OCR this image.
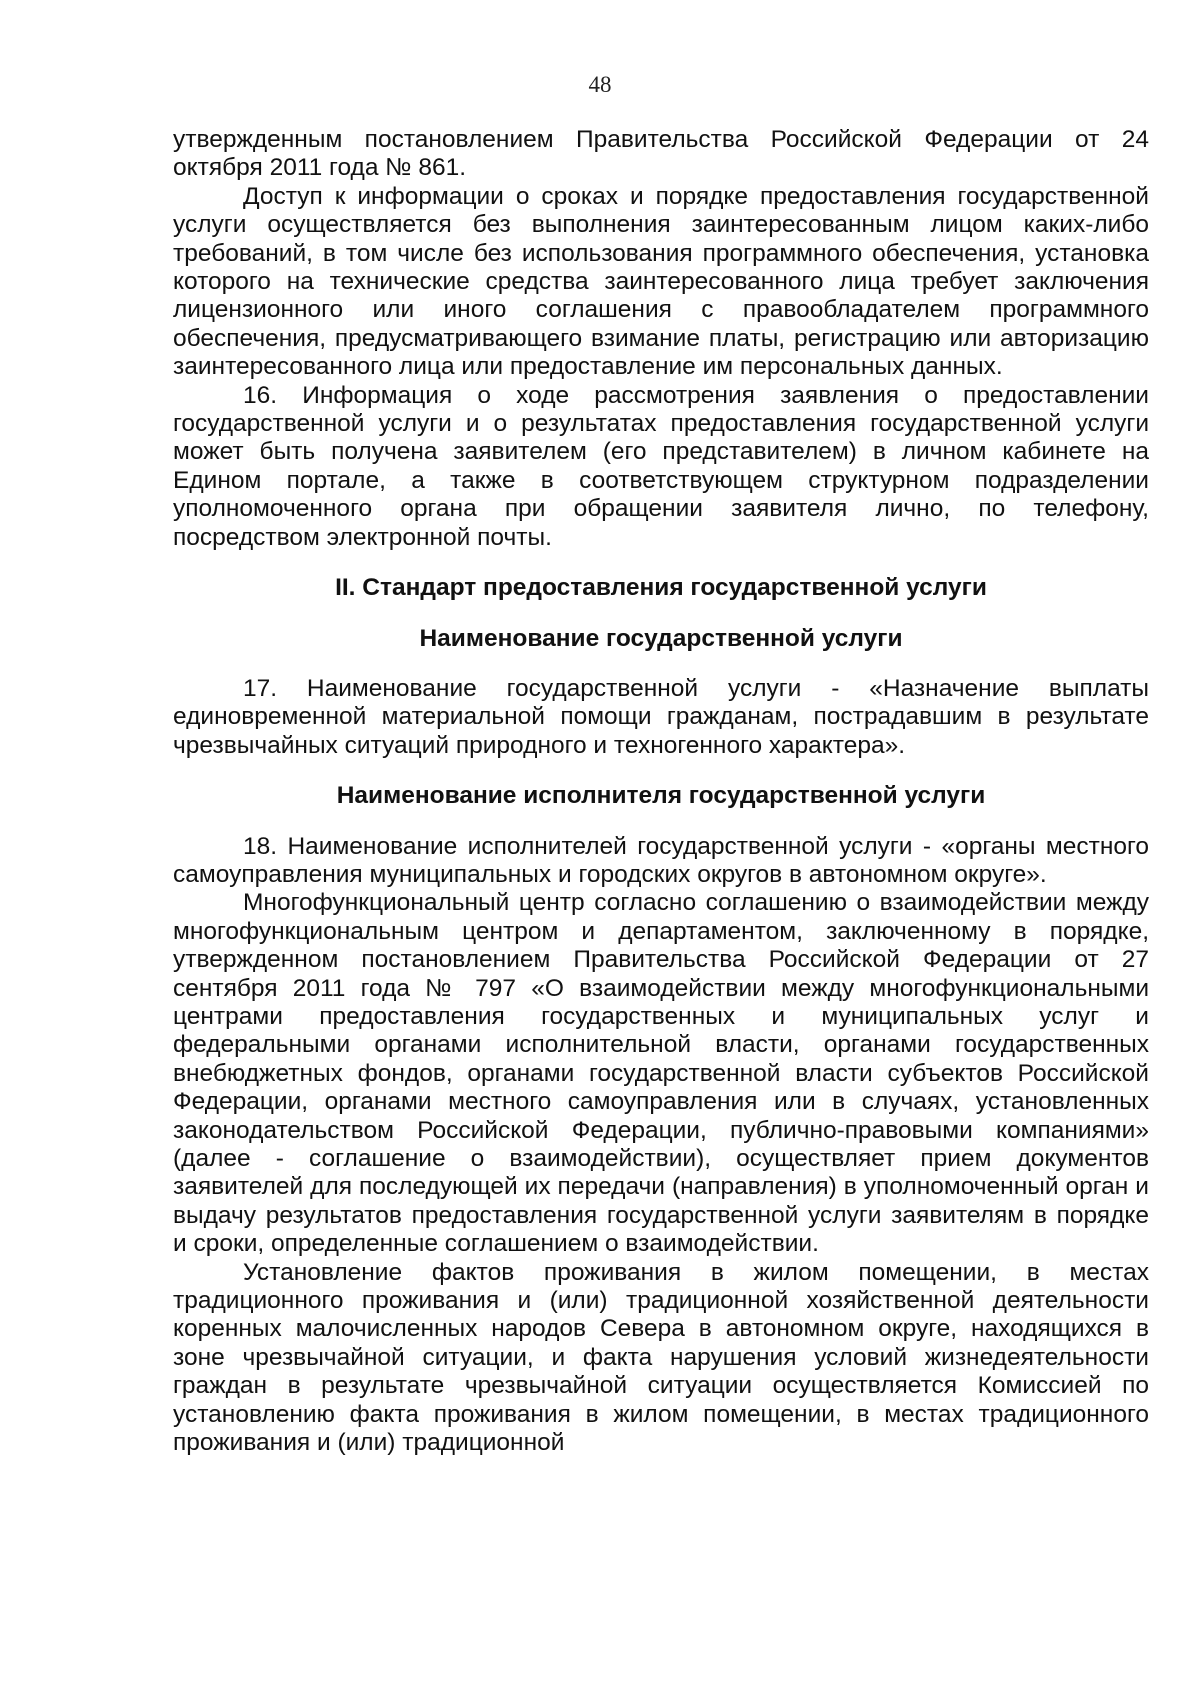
48

утвержденным постановлением Правительства Российской Федерации от 24 октября 2011 года № 861.

Доступ к информации о сроках и порядке предоставления государственной услуги осуществляется без выполнения заинтересованным лицом каких-либо требований, в том числе без использования программного обеспечения, установка которого на технические средства заинтересованного лица требует заключения лицензионного или иного соглашения с правообладателем программного обеспечения, предусматривающего взимание платы, регистрацию или авторизацию заинтересованного лица или предоставление им персональных данных.

16. Информация о ходе рассмотрения заявления о предоставлении государственной услуги и о результатах предоставления государственной услуги может быть получена заявителем (его представителем) в личном кабинете на Едином портале, а также в соответствующем структурном подразделении уполномоченного органа при обращении заявителя лично, по телефону, посредством электронной почты.

II. Стандарт предоставления государственной услуги
Наименование государственной услуги

17. Наименование государственной услуги - «Назначение выплаты единовременной материальной помощи гражданам, пострадавшим в результате чрезвычайных ситуаций природного и техногенного характера».

Наименование исполнителя государственной услуги

18. Наименование исполнителей государственной услуги - «органы местного самоуправления муниципальных и городских округов в автономном округе».

Многофункциональный центр согласно соглашению о взаимодействии между многофункциональным центром и департаментом, заключенному в порядке, утвержденном постановлением Правительства Российской Федерации от 27 сентября 2011 года № 797 «О взаимодействии между многофункциональными центрами предоставления государственных и муниципальных услуг и федеральными органами исполнительной власти, органами государственных внебюджетных фондов, органами государственной власти субъектов Российской Федерации, органами местного самоуправления или в случаях, установленных законодательством Российской Федерации, публично-правовыми компаниями» (далее - соглашение о взаимодействии), осуществляет прием документов заявителей для последующей их передачи (направления) в уполномоченный орган и выдачу результатов предоставления государственной услуги заявителям в порядке и сроки, определенные соглашением о взаимодействии.

Установление фактов проживания в жилом помещении, в местах традиционного проживания и (или) традиционной хозяйственной деятельности коренных малочисленных народов Севера в автономном округе, находящихся в зоне чрезвычайной ситуации, и факта нарушения условий жизнедеятельности граждан в результате чрезвычайной ситуации осуществляется Комиссией по установлению факта проживания в жилом помещении, в местах традиционного проживания и (или) традиционной
